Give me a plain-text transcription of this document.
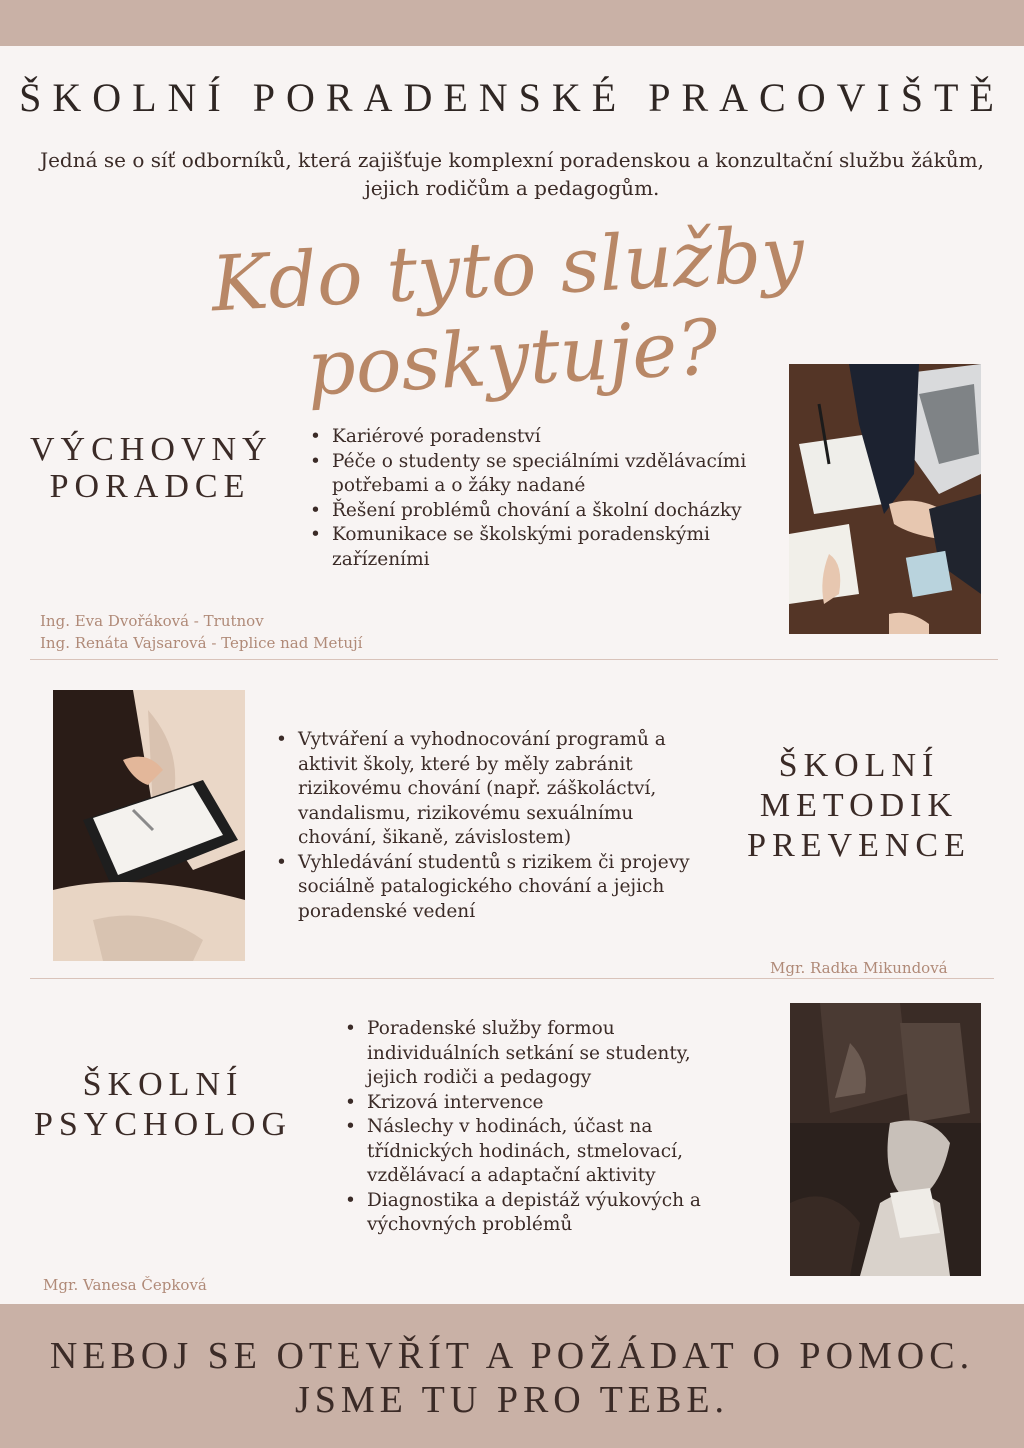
ŠKOLNÍ PORADENSKÉ PRACOVIŠTĚ
Jedná se o síť odborníků, která zajišťuje komplexní poradenskou a konzultační službu žákům, jejich rodičům a pedagogům.
Kdo tyto služby poskytuje?
VÝCHOVNÝ
PORADCE
• Kariérové poradenství
• Péče o studenty se speciálními vzdělávacími potřebami a o žáky nadané
• Řešení problémů chování a školní docházky
• Komunikace se školskými poradenskými zařízeními
Ing. Eva Dvořáková - Trutnov
Ing. Renáta Vajsarová - Teplice nad Metují
• Vytváření a vyhodnocování programů a aktivit školy, které by měly zabránit rizikovému chování (např. záškoláctví, vandalismu, rizikovému sexuálnímu chování, šikaně, závislostem)
• Vyhledávání studentů s rizikem či projevy sociálně patalogického chování a jejich poradenské vedení
ŠKOLNÍ
METODIK
PREVENCE
Mgr. Radka Mikundová
ŠKOLNÍ
PSYCHOLOG
• Poradenské služby formou individuálních setkání se studenty, jejich rodiči a pedagogy
• Krizová intervence
• Náslechy v hodinách, účast na třídnických hodinách, stmelovací, vzdělávací a adaptační aktivity
• Diagnostika a depistáž výukových a výchovných problémů
Mgr. Vanesa Čepková
NEBOJ SE OTEVŘÍT A POŽÁDAT O POMOC.
JSME TU PRO TEBE.
